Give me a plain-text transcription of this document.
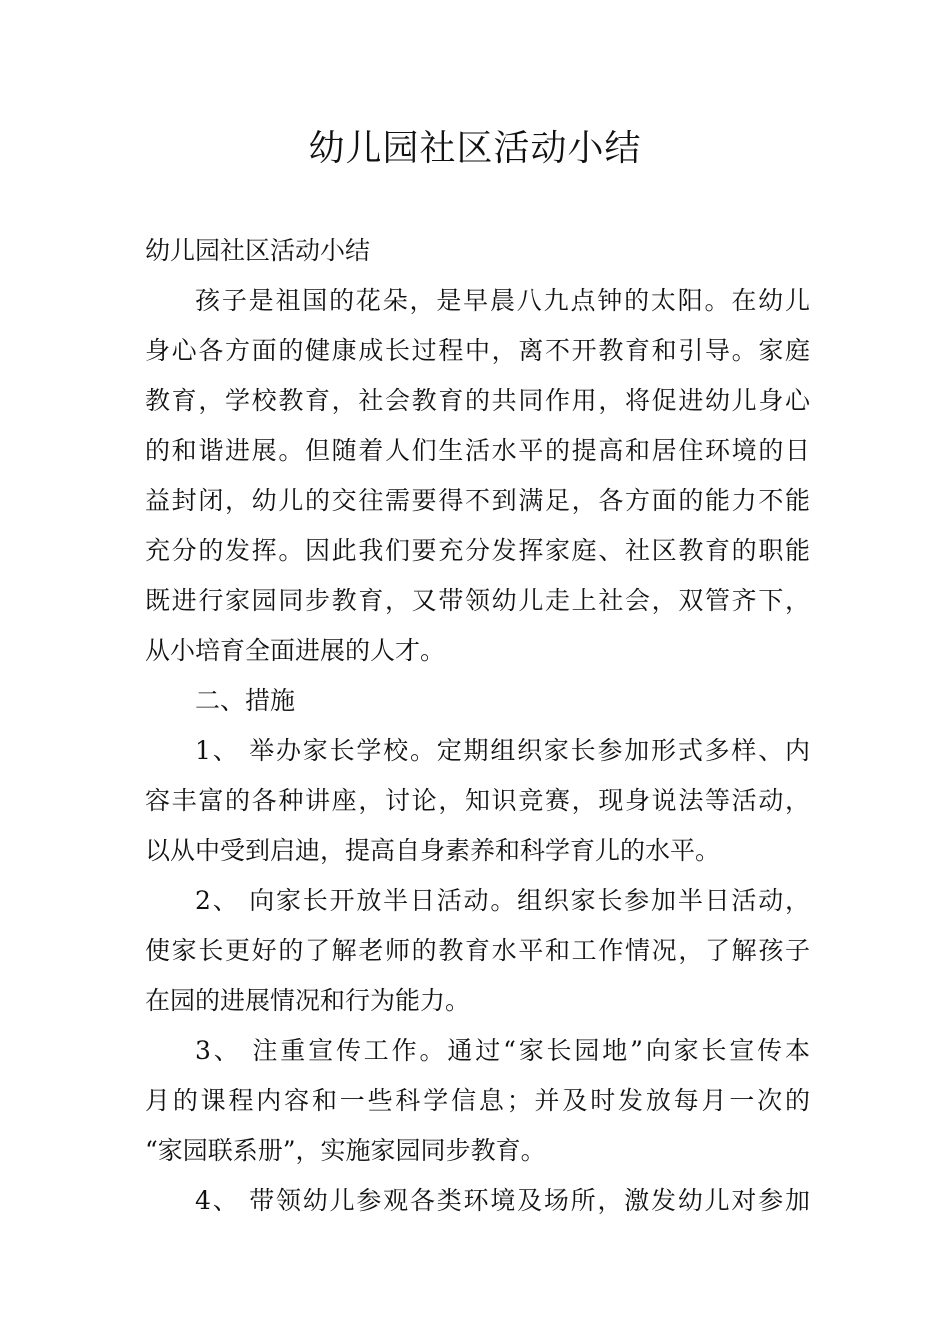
幼儿园社区活动小结

幼儿园社区活动小结

孩子是祖国的花朵，是早晨八九点钟的太阳。在幼儿

身心各方面的健康成长过程中，离不开教育和引导。家庭

教育，学校教育，社会教育的共同作用，将促进幼儿身心

的和谐进展。但随着人们生活水平的提高和居住环境的日

益封闭，幼儿的交往需要得不到满足，各方面的能力不能

充分的发挥。因此我们要充分发挥家庭、社区教育的职能

既进行家园同步教育，又带领幼儿走上社会，双管齐下，

从小培育全面进展的人才。

二、措施

1、 举办家长学校。定期组织家长参加形式多样、内

容丰富的各种讲座，讨论，知识竞赛，现身说法等活动，

以从中受到启迪，提高自身素养和科学育儿的水平。

2、 向家长开放半日活动。组织家长参加半日活动，

使家长更好的了解老师的教育水平和工作情况，了解孩子

在园的进展情况和行为能力。

3、 注重宣传工作。通过“家长园地”向家长宣传本

月的课程内容和一些科学信息；并及时发放每月一次的

“家园联系册”，实施家园同步教育。

4、 带领幼儿参观各类环境及场所，激发幼儿对参加
